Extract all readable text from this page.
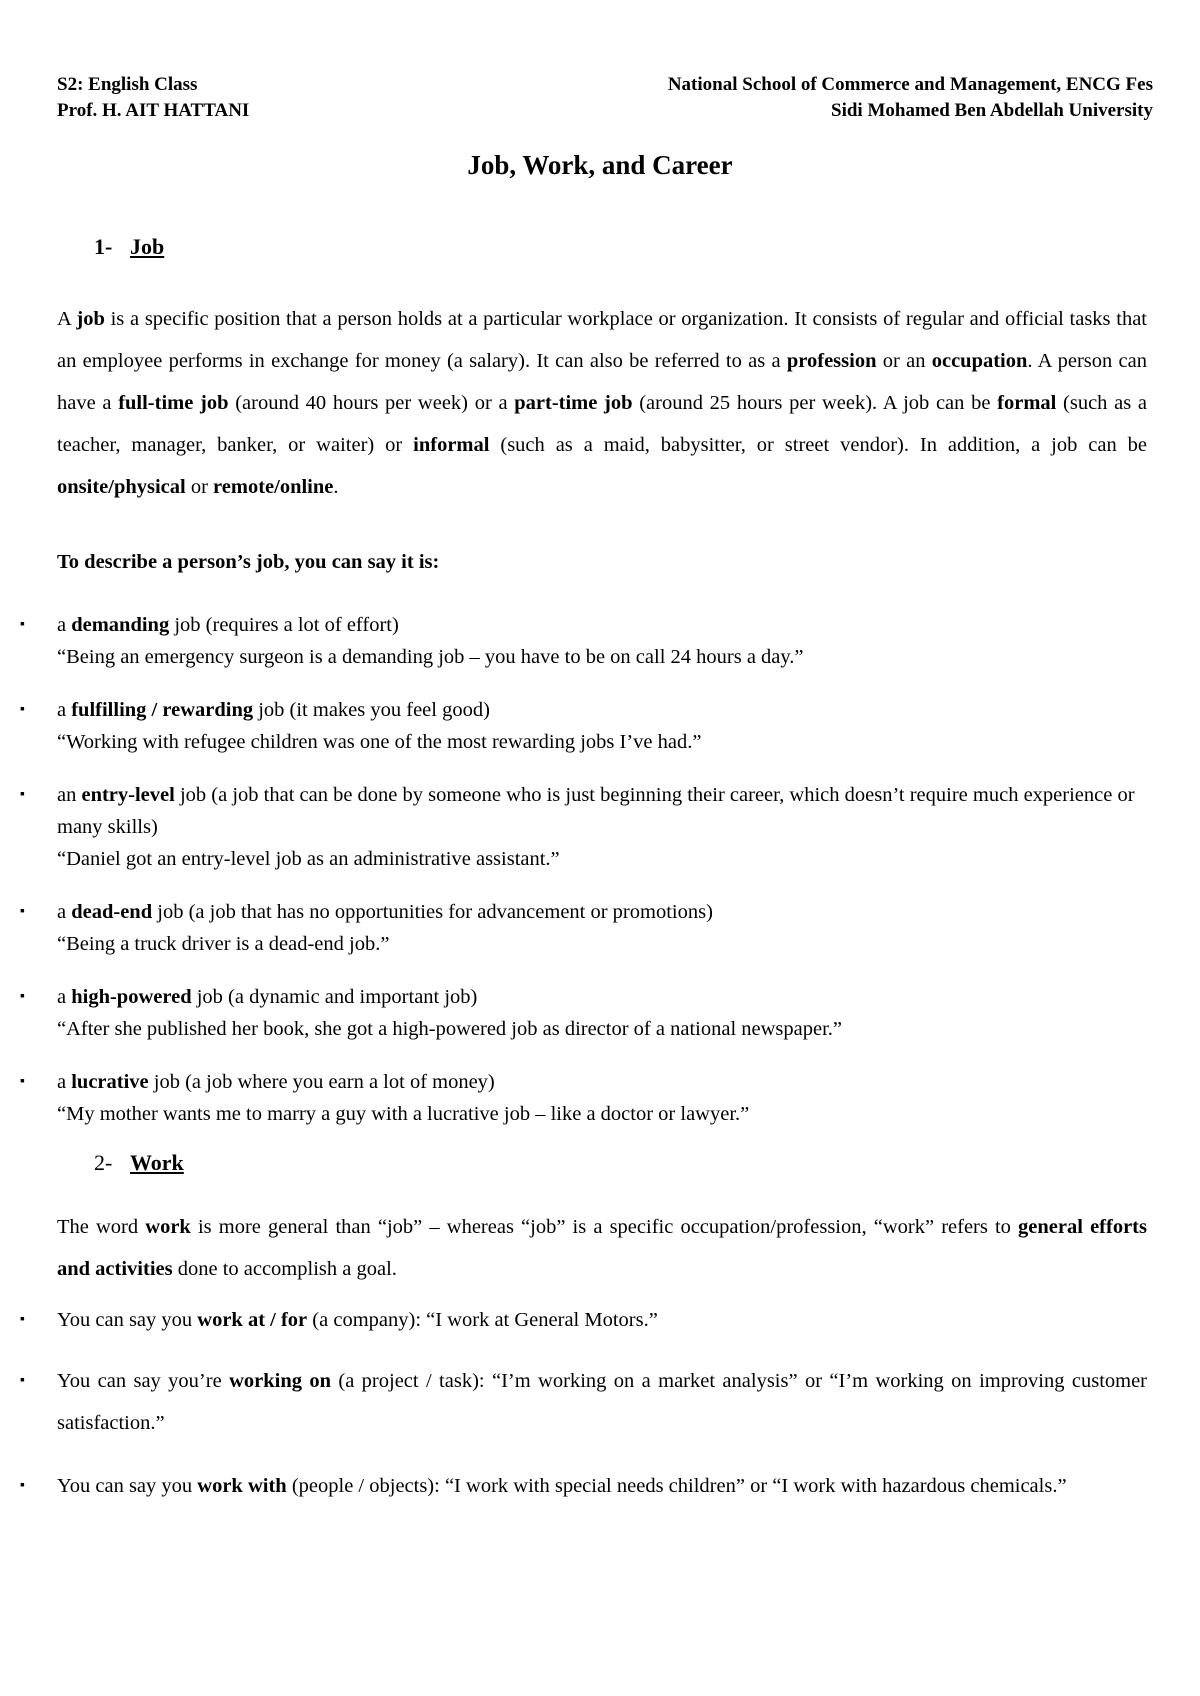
S2: English Class
Prof. H. AIT HATTANI
National School of Commerce and Management, ENCG Fes
Sidi Mohamed Ben Abdellah University
Job, Work, and Career
1- Job
A job is a specific position that a person holds at a particular workplace or organization. It consists of regular and official tasks that an employee performs in exchange for money (a salary). It can also be referred to as a profession or an occupation. A person can have a full-time job (around 40 hours per week) or a part-time job (around 25 hours per week). A job can be formal (such as a teacher, manager, banker, or waiter) or informal (such as a maid, babysitter, or street vendor). In addition, a job can be onsite/physical or remote/online.
To describe a person’s job, you can say it is:
▪ a demanding job (requires a lot of effort)
“Being an emergency surgeon is a demanding job – you have to be on call 24 hours a day.”
▪ a fulfilling / rewarding job (it makes you feel good)
“Working with refugee children was one of the most rewarding jobs I’ve had.”
▪ an entry-level job (a job that can be done by someone who is just beginning their career, which doesn’t require much experience or many skills)
“Daniel got an entry-level job as an administrative assistant.”
▪ a dead-end job (a job that has no opportunities for advancement or promotions)
“Being a truck driver is a dead-end job.”
▪ a high-powered job (a dynamic and important job)
“After she published her book, she got a high-powered job as director of a national newspaper.”
▪ a lucrative job (a job where you earn a lot of money)
“My mother wants me to marry a guy with a lucrative job – like a doctor or lawyer.”
2- Work
The word work is more general than “job” – whereas “job” is a specific occupation/profession, “work” refers to general efforts and activities done to accomplish a goal.
▪ You can say you work at / for (a company): “I work at General Motors.”
▪ You can say you’re working on (a project / task): “I’m working on a market analysis” or “I’m working on improving customer satisfaction.”
▪ You can say you work with (people / objects): “I work with special needs children” or “I work with hazardous chemicals.”
